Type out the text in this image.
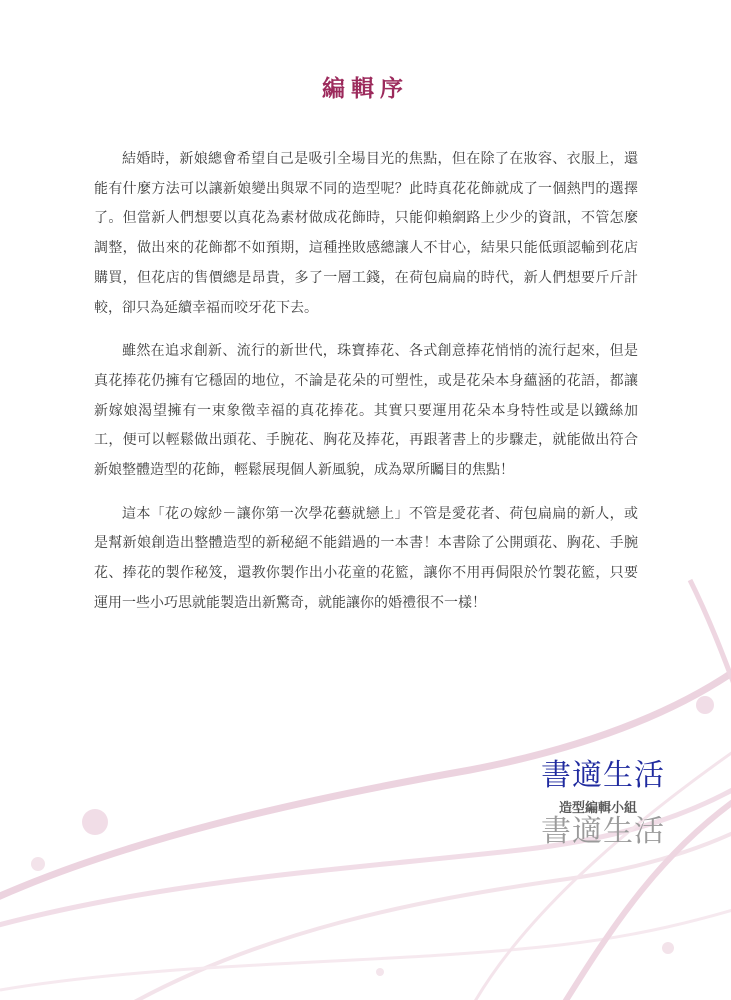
編輯序

結婚時，新娘總會希望自己是吸引全場目光的焦點，但在除了在妝容、衣服上，還能有什麼方法可以讓新娘變出與眾不同的造型呢？此時真花花飾就成了一個熱門的選擇了。但當新人們想要以真花為素材做成花飾時，只能仰賴網路上少少的資訊，不管怎麼調整，做出來的花飾都不如預期，這種挫敗感總讓人不甘心，結果只能低頭認輸到花店購買，但花店的售價總是昂貴，多了一層工錢，在荷包扁扁的時代，新人們想要斤斤計較，卻只為延續幸福而咬牙花下去。

雖然在追求創新、流行的新世代，珠寶捧花、各式創意捧花悄悄的流行起來，但是真花捧花仍擁有它穩固的地位，不論是花朵的可塑性，或是花朵本身蘊涵的花語，都讓新嫁娘渴望擁有一束象徵幸福的真花捧花。其實只要運用花朵本身特性或是以鐵絲加工，便可以輕鬆做出頭花、手腕花、胸花及捧花，再跟著書上的步驟走，就能做出符合新娘整體造型的花飾，輕鬆展現個人新風貌，成為眾所矚目的焦點！

這本「花の嫁紗－讓你第一次學花藝就戀上」不管是愛花者、荷包扁扁的新人，或是幫新娘創造出整體造型的新秘絕不能錯過的一本書！本書除了公開頭花、胸花、手腕花、捧花的製作秘笈，還教你製作出小花童的花籃，讓你不用再侷限於竹製花籃，只要運用一些小巧思就能製造出新驚奇，就能讓你的婚禮很不一樣！

書適生活
造型編輯小組
書適生活
